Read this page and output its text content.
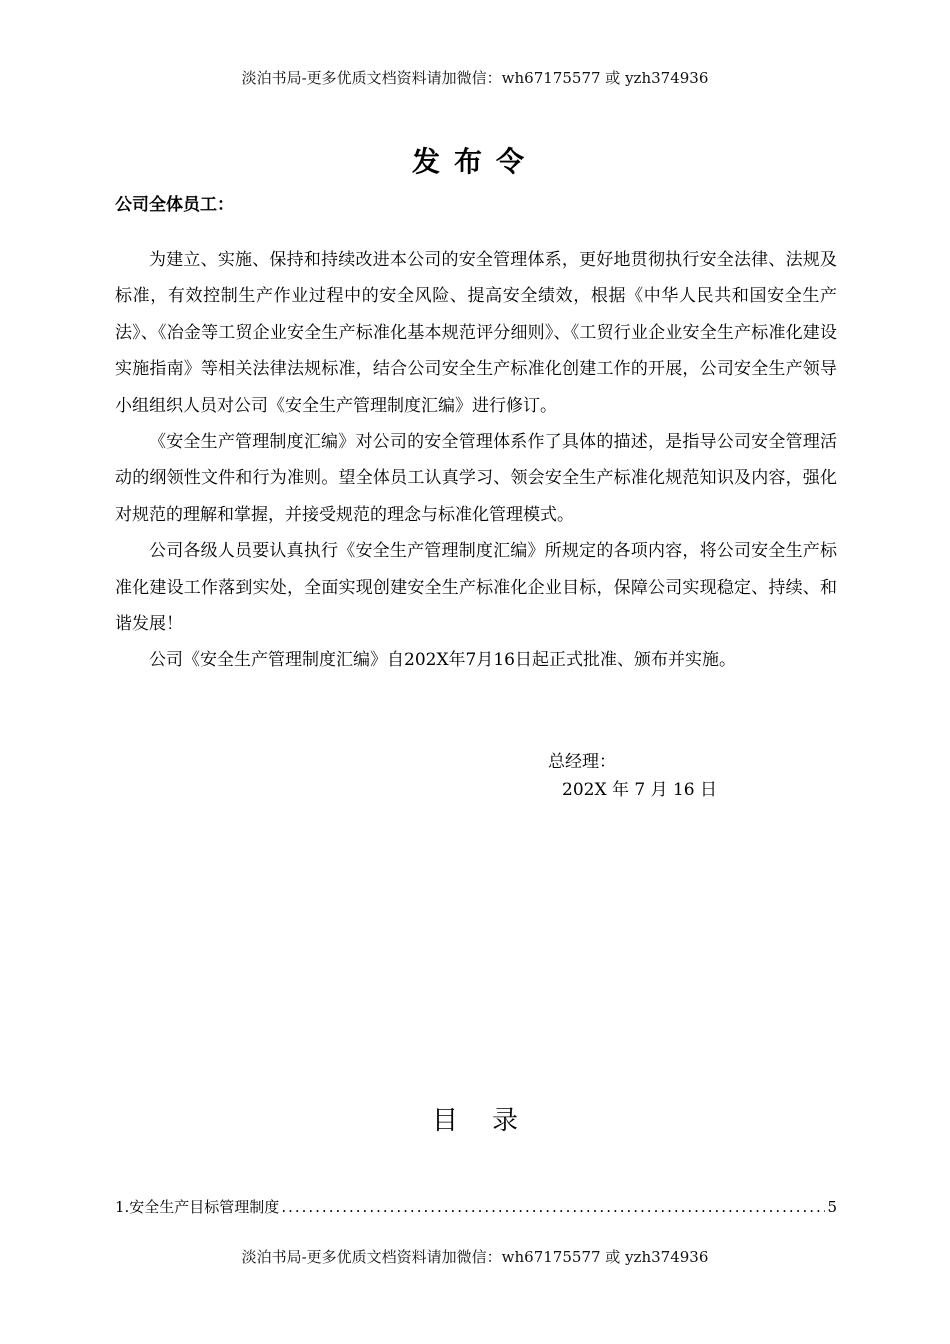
淡泊书局-更多优质文档资料请加微信：wh67175577 或 yzh374936
发布令
公司全体员工：

为建立、实施、保持和持续改进本公司的安全管理体系，更好地贯彻执行安全法律、法规及标准，有效控制生产作业过程中的安全风险、提高安全绩效，根据《中华人民共和国安全生产法》、《冶金等工贸企业安全生产标准化基本规范评分细则》、《工贸行业企业安全生产标准化建设实施指南》等相关法律法规标准，结合公司安全生产标准化创建工作的开展，公司安全生产领导小组组织人员对公司《安全生产管理制度汇编》进行修订。

《安全生产管理制度汇编》对公司的安全管理体系作了具体的描述，是指导公司安全管理活动的纲领性文件和行为准则。望全体员工认真学习、领会安全生产标准化规范知识及内容，强化对规范的理解和掌握，并接受规范的理念与标准化管理模式。

公司各级人员要认真执行《安全生产管理制度汇编》所规定的各项内容，将公司安全生产标准化建设工作落到实处，全面实现创建安全生产标准化企业目标，保障公司实现稳定、持续、和谐发展！

公司《安全生产管理制度汇编》自202X年7月16日起正式批准、颁布并实施。

总经理：
202X 年 7 月 16 日
目录
1.安全生产目标管理制度
.....	5
淡泊书局-更多优质文档资料请加微信：wh67175577 或 yzh374936
